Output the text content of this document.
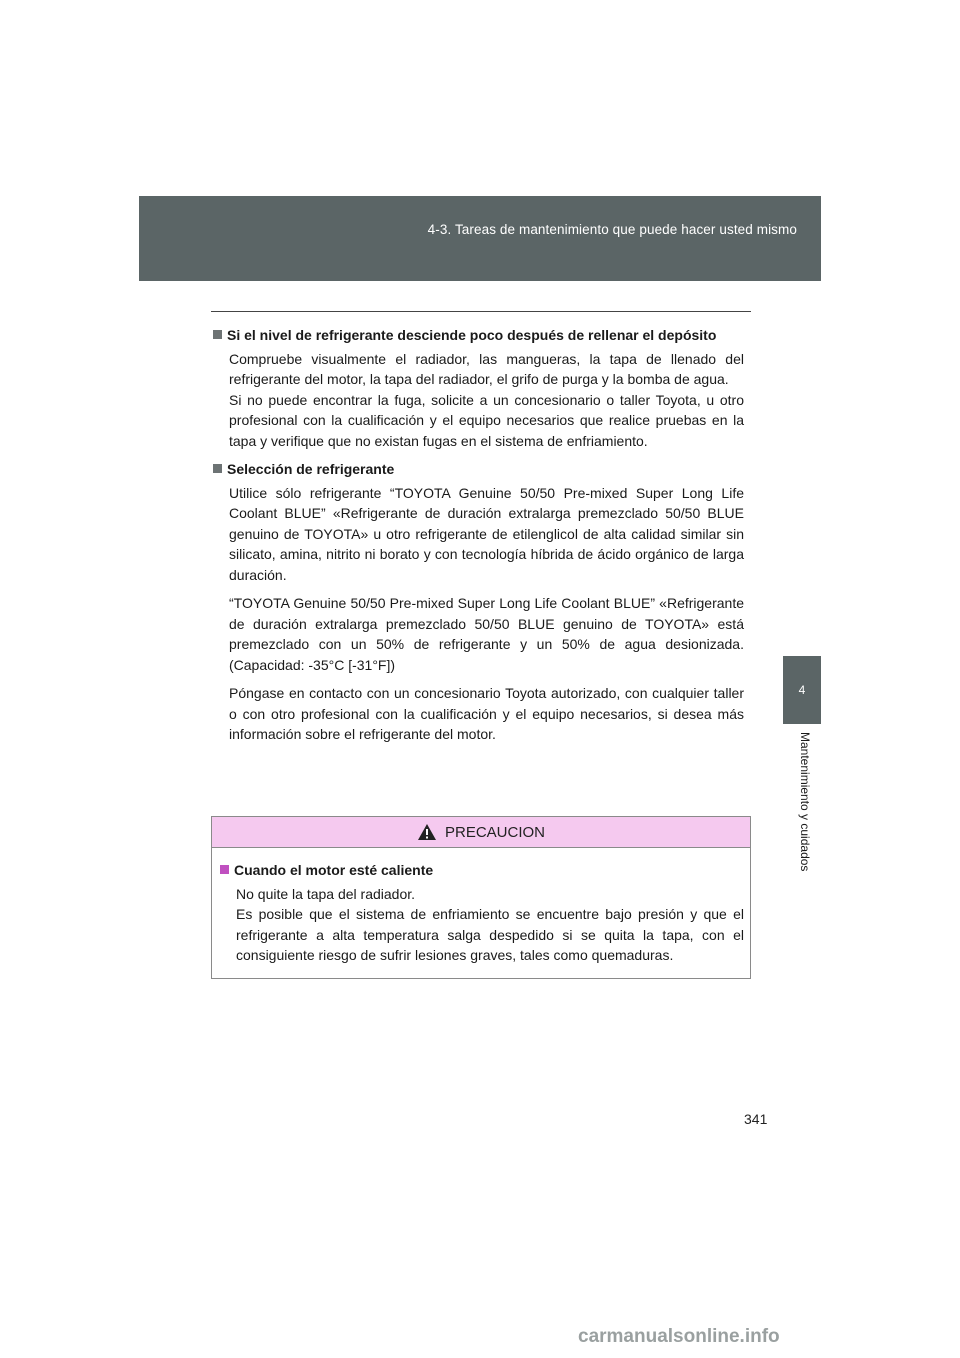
4-3. Tareas de mantenimiento que puede hacer usted mismo
4
Mantenimiento y cuidados
Si el nivel de refrigerante desciende poco después de rellenar el depósito

Compruebe visualmente el radiador, las mangueras, la tapa de llenado del refrigerante del motor, la tapa del radiador, el grifo de purga y la bomba de agua.
Si no puede encontrar la fuga, solicite a un concesionario o taller Toyota, u otro profesional con la cualificación y el equipo necesarios que realice pruebas en la tapa y verifique que no existan fugas en el sistema de enfriamiento.

Selección de refrigerante

Utilice sólo refrigerante “TOYOTA Genuine 50/50 Pre-mixed Super Long Life Coolant BLUE” «Refrigerante de duración extralarga premezclado 50/50 BLUE genuino de TOYOTA» u otro refrigerante de etilenglicol de alta calidad similar sin silicato, amina, nitrito ni borato y con tecnología híbrida de ácido orgánico de larga duración.

“TOYOTA Genuine 50/50 Pre-mixed Super Long Life Coolant BLUE” «Refrigerante de duración extralarga premezclado 50/50 BLUE genuino de TOYOTA» está premezclado con un 50% de refrigerante y un 50% de agua desionizada. (Capacidad: -35°C [-31°F])

Póngase en contacto con un concesionario Toyota autorizado, con cualquier taller o con otro profesional con la cualificación y el equipo necesarios, si desea más información sobre el refrigerante del motor.

PRECAUCION
Cuando el motor esté caliente

No quite la tapa del radiador.
Es posible que el sistema de enfriamiento se encuentre bajo presión y que el refrigerante a alta temperatura salga despedido si se quita la tapa, con el consiguiente riesgo de sufrir lesiones graves, tales como quemaduras.

341
carmanualsonline.info
